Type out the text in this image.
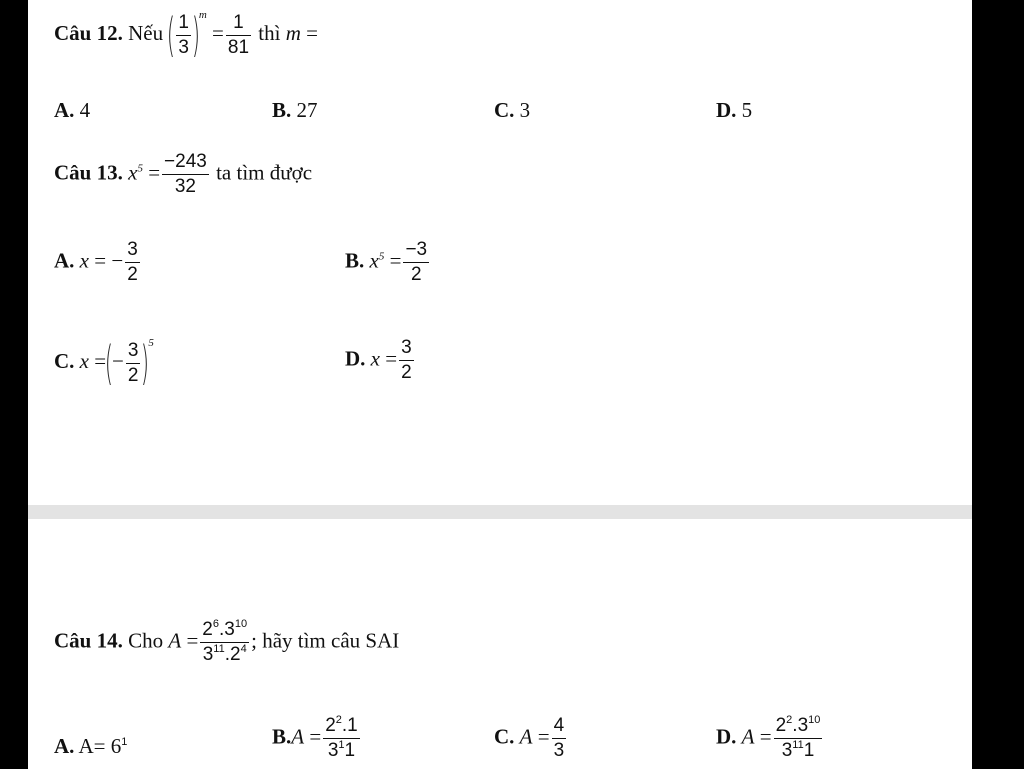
Câu 12. Nếu ( $\frac{1}{3} )^m = \frac{1}{81}$ thì m =
A. 4	B. 27	C. 3	D. 5
Câu 13. $x^5 = \frac{-243}{32}$ ta tìm được
A. x = − $\frac{3}{2}$	B. $x^5 = \frac{-3}{2}$
C. x =(− $\frac{3}{2} )^5$
D. $x = \frac{3}{2}$
Câu 14. Cho $A = \frac{2^6.3^{10}}{3^{11}.2^4}$ ; hãy tìm câu SAI
A. $A= 6^1$	$B.A = \frac{2^2.1}{3^11}$	C. $A = \frac{4}{3}$	D. $A = \frac{2^2.3^{10}}{3^{11}1}$
